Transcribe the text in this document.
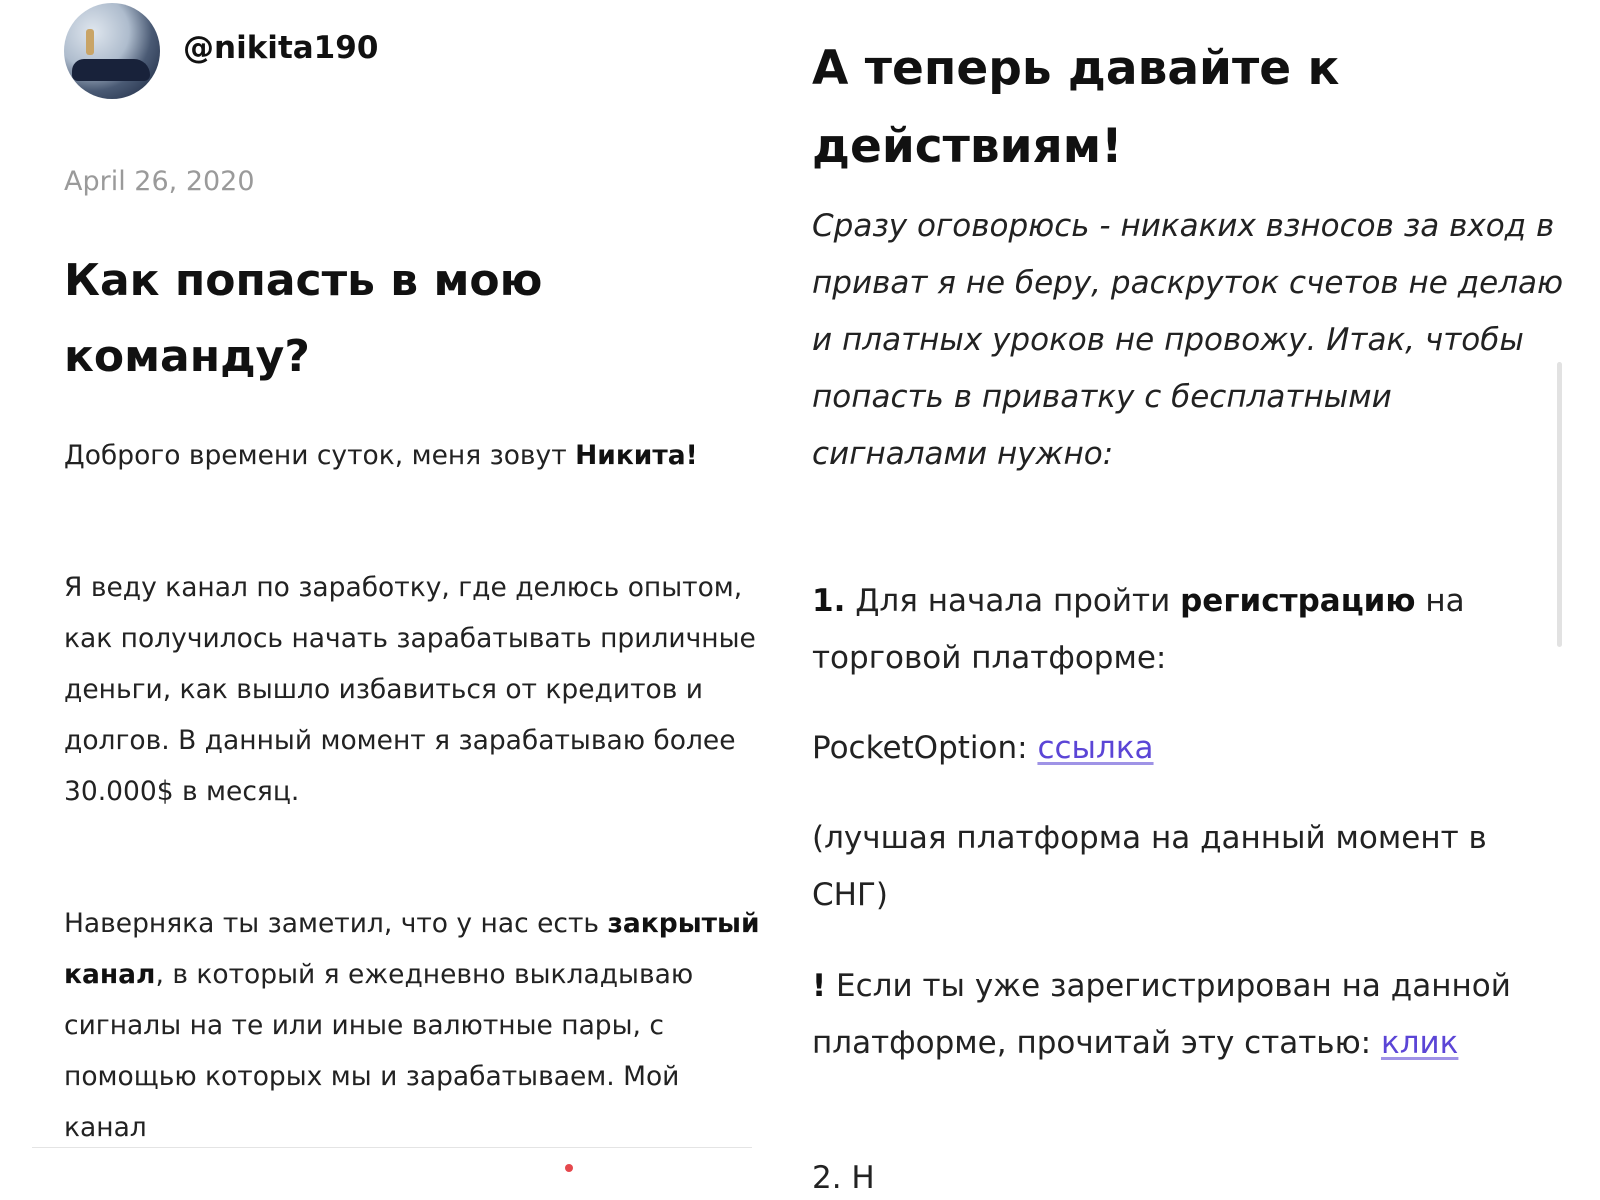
@nikita190
April 26, 2020
Как попасть в мою команду?

Доброго времени суток, меня зовут Никита!

Я веду канал по заработку, где делюсь опытом, как получилось начать зарабатывать приличные деньги, как вышло избавиться от кредитов и долгов. В данный момент я зарабатываю более 30.000$ в месяц.

Наверняка ты заметил, что у нас есть закрытый канал, в который я ежедневно выкладываю сигналы на те или иные валютные пары, с помощью которых мы и зарабатываем. Мой канал

А теперь давайте к действиям!

Сразу оговорюсь - никаких взносов за вход в приват я не беру, раскруток счетов не делаю и платных уроков не провожу. Итак, чтобы попасть в приватку с бесплатными сигналами нужно:

1. Для начала пройти регистрацию на торговой платформе:

PocketOption: ссылка

(лучшая платформа на данный момент в СНГ)

! Если ты уже зарегистрирован на данной платформе, прочитай эту статью: клик

2. Н
